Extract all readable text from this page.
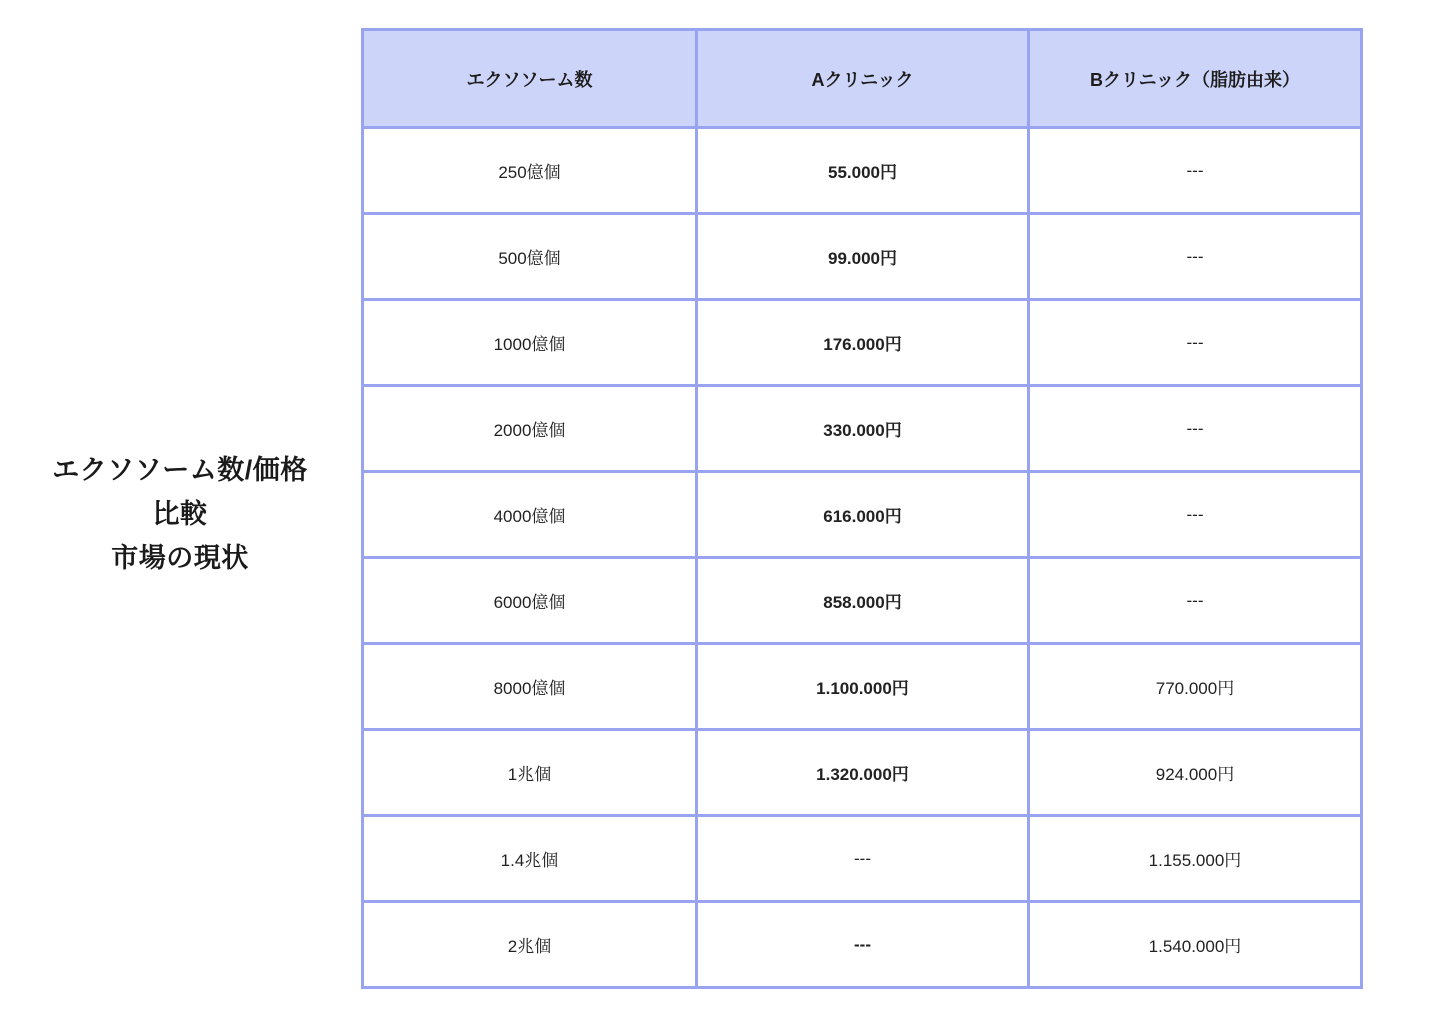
エクソソーム数/価格
比較
市場の現状
エクソソーム数	Aクリニック	Bクリニック（脂肪由来）
250億個	55.000円	---
500億個	99.000円	---
1000億個	176.000円	---
2000億個	330.000円	---
4000億個	616.000円	---
6000億個	858.000円	---
8000億個	1.100.000円	770.000円
1兆個	1.320.000円	924.000円
1.4兆個	---	1.155.000円
2兆個	---	1.540.000円
